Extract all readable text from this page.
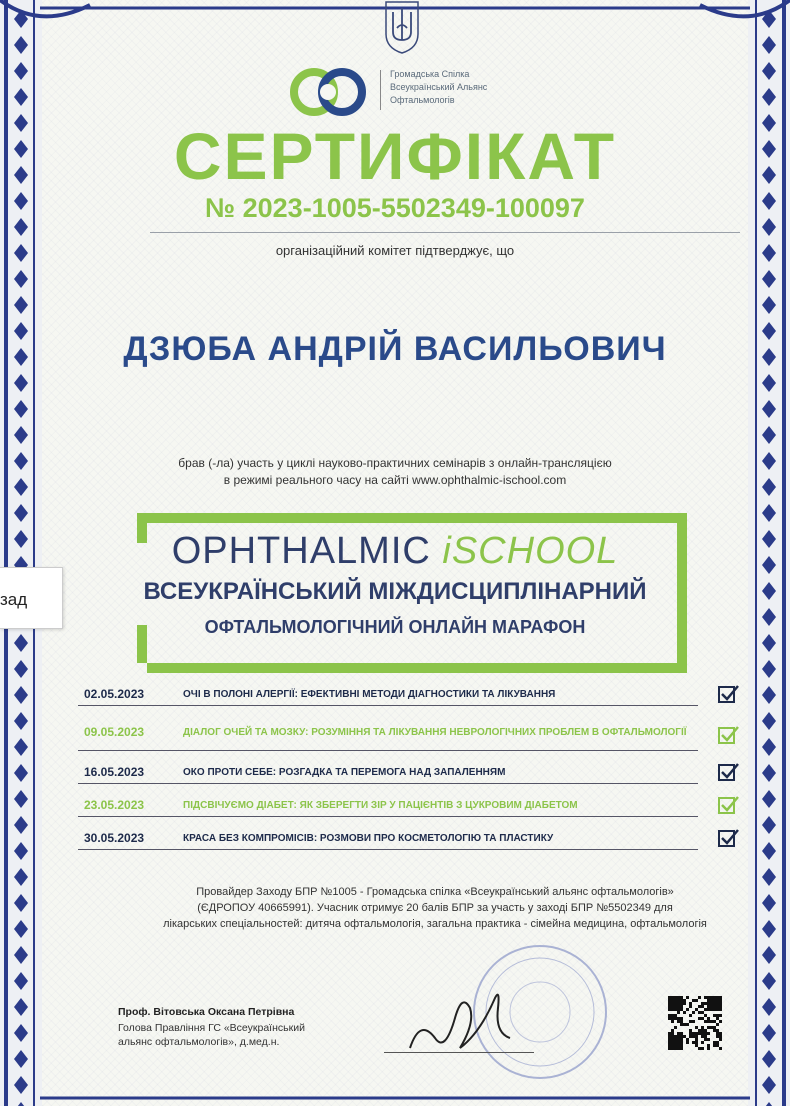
Громадська Спілка
Всеукраїнський Альянс
Офтальмологів
СЕРТИФІКАТ
№ 2023-1005-5502349-100097
організаційний комітет підтверджує, що
ДЗЮБА АНДРІЙ ВАСИЛЬОВИЧ
брав (-ла) участь у циклі науково-практичних семінарів з онлайн-трансляцією
в режимі реального часу на сайті www.ophthalmic-ischool.com
OPHTHALMIC iSCHOOL
ВСЕУКРАЇНСЬКИЙ МІЖДИСЦИПЛІНАРНИЙ
ОФТАЛЬМОЛОГІЧНИЙ ОНЛАЙН МАРАФОН
02.05.2023	ОЧІ В ПОЛОНІ АЛЕРГІЇ: ЕФЕКТИВНІ МЕТОДИ ДІАГНОСТИКИ ТА ЛІКУВАННЯ
09.05.2023	ДІАЛОГ ОЧЕЙ ТА МОЗКУ: РОЗУМІННЯ ТА ЛІКУВАННЯ НЕВРОЛОГІЧНИХ ПРОБЛЕМ В ОФТАЛЬМОЛОГІЇ
16.05.2023	ОКО ПРОТИ СЕБЕ: РОЗГАДКА ТА ПЕРЕМОГА НАД ЗАПАЛЕННЯМ
23.05.2023	ПІДСВІЧУЄМО ДІАБЕТ: ЯК ЗБЕРЕГТИ ЗІР У ПАЦІЄНТІВ З ЦУКРОВИМ ДІАБЕТОМ
30.05.2023	КРАСА БЕЗ КОМПРОМІСІВ: РОЗМОВИ ПРО КОСМЕТОЛОГІЮ ТА ПЛАСТИКУ
Провайдер Заходу БПР №1005 - Громадська спілка «Всеукраїнський альянс офтальмологів»
(ЄДРОПОУ 40665991). Учасник отримує 20 балів БПР за участь у заході БПР №5502349 для
лікарських спеціальностей: дитяча офтальмологія, загальна практика - сімейна медицина, офтальмологія
Проф. Вітовська Оксана Петрівна
Голова Правління ГС «Всеукраїнський
альянс офтальмологів», д.мед.н.
зад
